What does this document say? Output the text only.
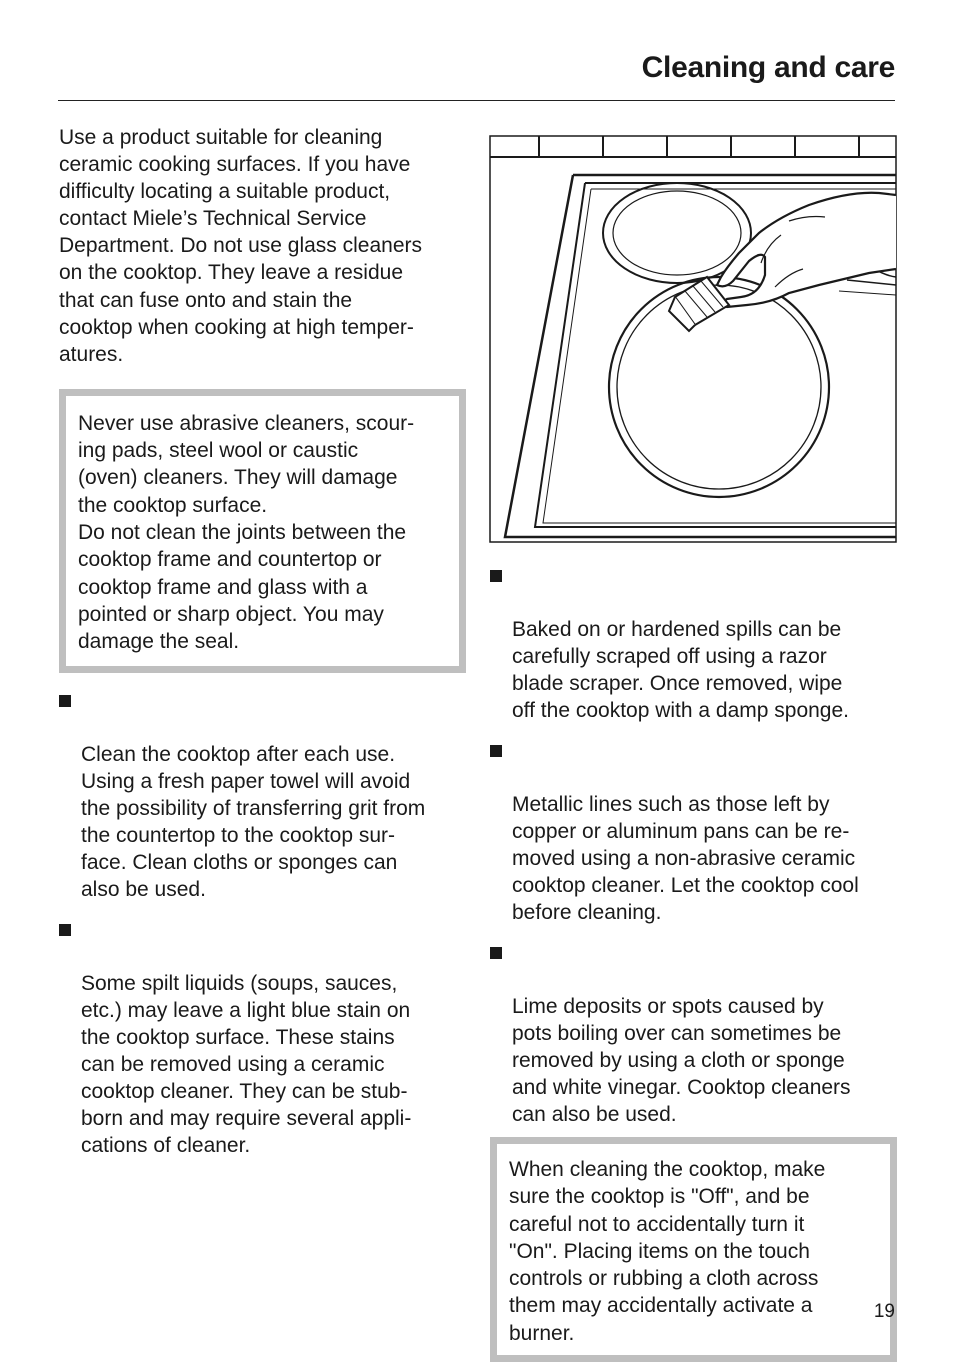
Cleaning and care

Use a product suitable for cleaning
ceramic cooking surfaces. If you have
difficulty locating a suitable product,
contact Miele’s Technical Service
Department. Do not use glass cleaners
on the cooktop. They leave a residue
that can fuse onto and stain the
cooktop when cooking at high temper-
atures.

Never use abrasive cleaners, scour-
ing pads, steel wool or caustic
(oven) cleaners. They will damage
the cooktop surface.
Do not clean the joints between the
cooktop frame and countertop or
cooktop frame and glass with a
pointed or sharp object. You may
damage the seal.

Clean the cooktop after each use.
Using a fresh paper towel will avoid
the possibility of transferring grit from
the countertop to the cooktop sur-
face. Clean cloths or sponges can
also be used.

Some spilt liquids (soups, sauces,
etc.) may leave a light blue stain on
the cooktop surface. These stains
can be removed using a ceramic
cooktop cleaner. They can be stub-
born and may require several appli-
cations of cleaner.

Baked on or hardened spills can be
carefully scraped off using a razor
blade scraper. Once removed, wipe
off the cooktop with a damp sponge.

Metallic lines such as those left by
copper or aluminum pans can be re-
moved using a non-abrasive ceramic
cooktop cleaner. Let the cooktop cool
before cleaning.

Lime deposits or spots caused by
pots boiling over can sometimes be
removed by using a cloth or sponge
and white vinegar. Cooktop cleaners
can also be used.

When cleaning the cooktop, make
sure the cooktop is "Off", and be
careful not to accidentally turn it
"On". Placing items on the touch
controls or rubbing a cloth across
them may accidentally activate a
burner.

19
